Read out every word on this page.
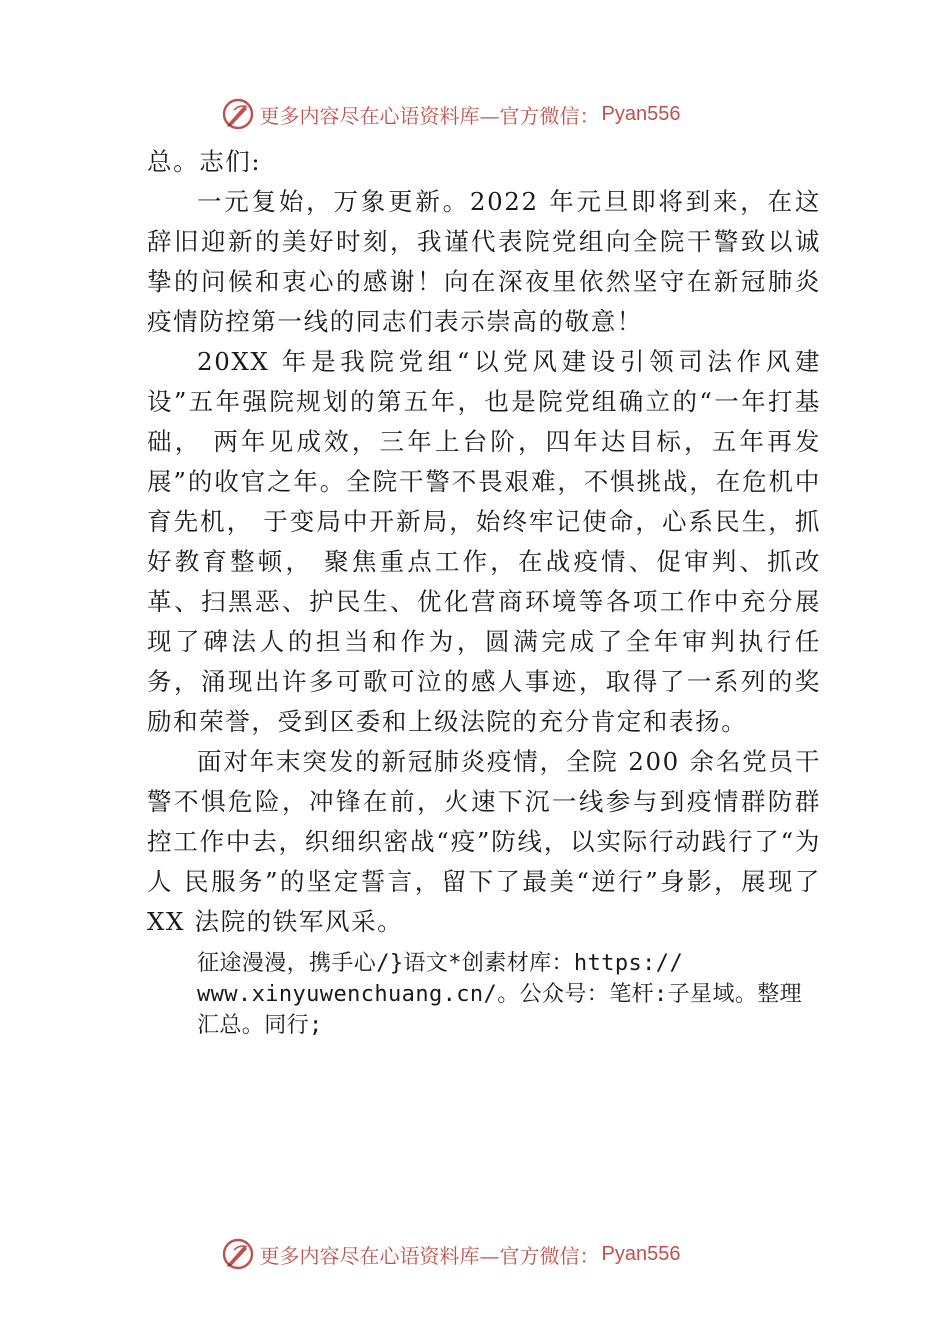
更多内容尽在心语资料库—官方微信： Pyan556

总。志们:

一元复始，万象更新。2022 年元旦即将到来，在这辞旧迎新的美好时刻，我谨代表院党组向全院干警致以诚挚的问候和衷心的感谢！向在深夜里依然坚守在新冠肺炎疫情防控第一线的同志们表示崇高的敬意！

20XX 年是我院党组“以党风建设引领司法作风建设”五年强院规划的第五年，也是院党组确立的“一年打基础， 两年见成效，三年上台阶，四年达目标，五年再发展”的收官之年。全院干警不畏艰难，不惧挑战，在危机中育先机， 于变局中开新局，始终牢记使命，心系民生，抓好教育整顿， 聚焦重点工作，在战疫情、促审判、抓改革、扫黑恶、护民生、优化营商环境等各项工作中充分展现了碑法人的担当和作为，圆满完成了全年审判执行任务，涌现出许多可歌可泣的感人事迹，取得了一系列的奖励和荣誉，受到区委和上级法院的充分肯定和表扬。

面对年末突发的新冠肺炎疫情，全院 200 余名党员干警不惧危险，冲锋在前，火速下沉一线参与到疫情群防群控工作中去，织细织密战“疫”防线，以实际行动践行了“为人 民服务”的坚定誓言，留下了最美“逆行”身影，展现了 XX 法院的铁军风采。

征途漫漫，携手心/}语文*创素材库：https://
www.xinyuwenchuang.cn/。公众号：笔杆:子星域。整理汇总。同行;

更多内容尽在心语资料库—官方微信： Pyan556
